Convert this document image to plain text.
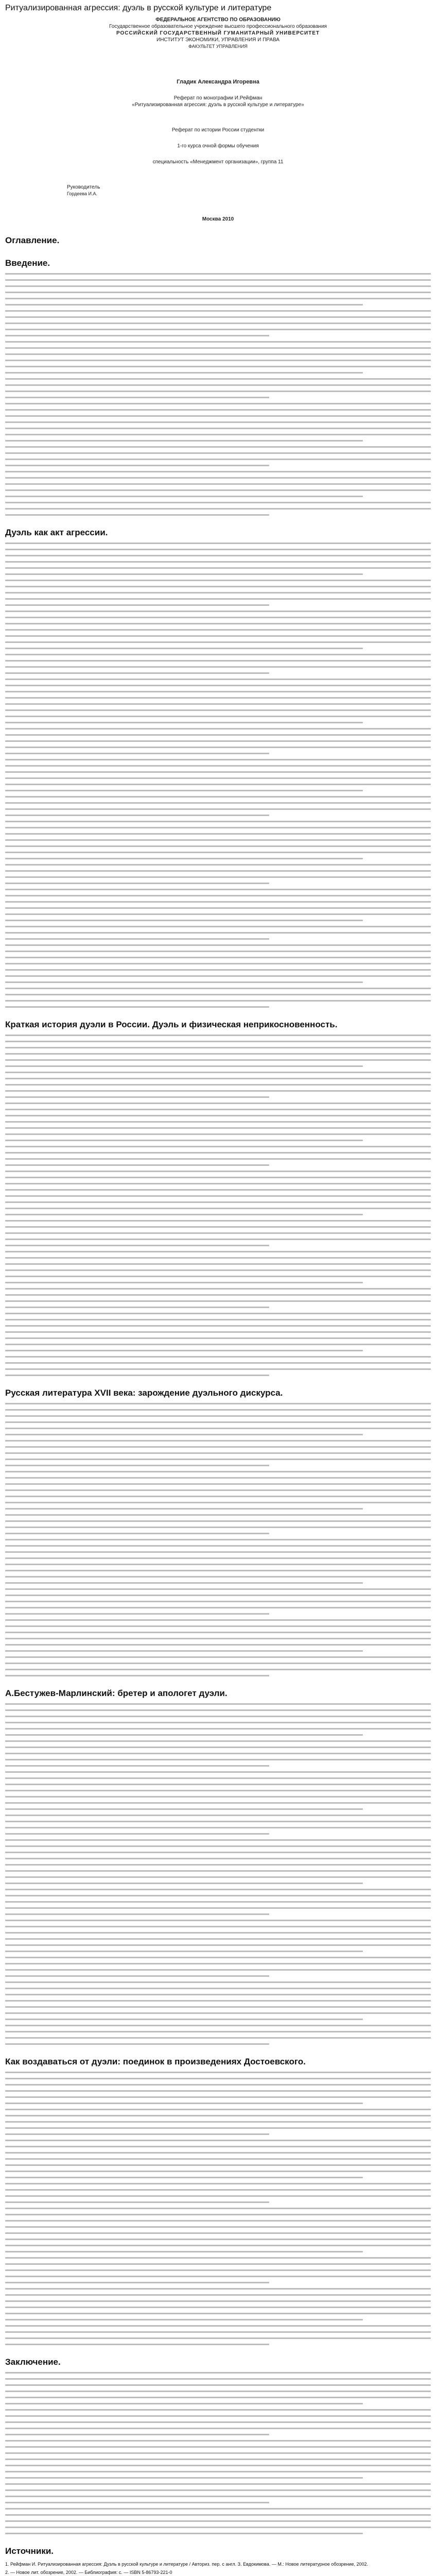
Ритуализированная агрессия: дуэль в русской культуре и литературе
ФЕДЕРАЛЬНОЕ АГЕНТСТВО ПО ОБРАЗОВАНИЮ
Государственное образовательное учреждение высшего профессионального образования
РОССИЙСКИЙ ГОСУДАРСТВЕННЫЙ ГУМАНИТАРНЫЙ УНИВЕРСИТЕТ
ИНСТИТУТ ЭКОНОМИКИ, УПРАВЛЕНИЯ И ПРАВА
ФАКУЛЬТЕТ УПРАВЛЕНИЯ
Гладик Александра Игоревна
Реферат по монографии И.Рейфман
«Ритуализированная агрессия: дуэль в русской культуре и литературе»
Реферат по истории России студентки
1-го курса очной формы обучения
специальность «Менеджмент организации», группа 11
Руководитель
Гордеева И.А.
Москва 2010
Оглавление.
Введение.
Дуэль как акт агрессии.
Краткая история дуэли в России. Дуэль и физическая неприкосновенность.
Русская литература XVII века: зарождение дуэльного дискурса.
А.Бестужев-Марлинский: бретер и апологет дуэли.
Как воздаваться от дуэли: поединок в произведениях Достоевского.
Заключение.
Источники.
1. Рейфман И. Ритуализированная агрессия: Дуэль в русской культуре и литературе / Авториз. пер. с англ. З. Евдокимова. — М.: Новое литературное обозрение, 2002.
2. — Новое лит. обозрение, 2002. — Библиография: с. — ISBN 5-86793-221-0
